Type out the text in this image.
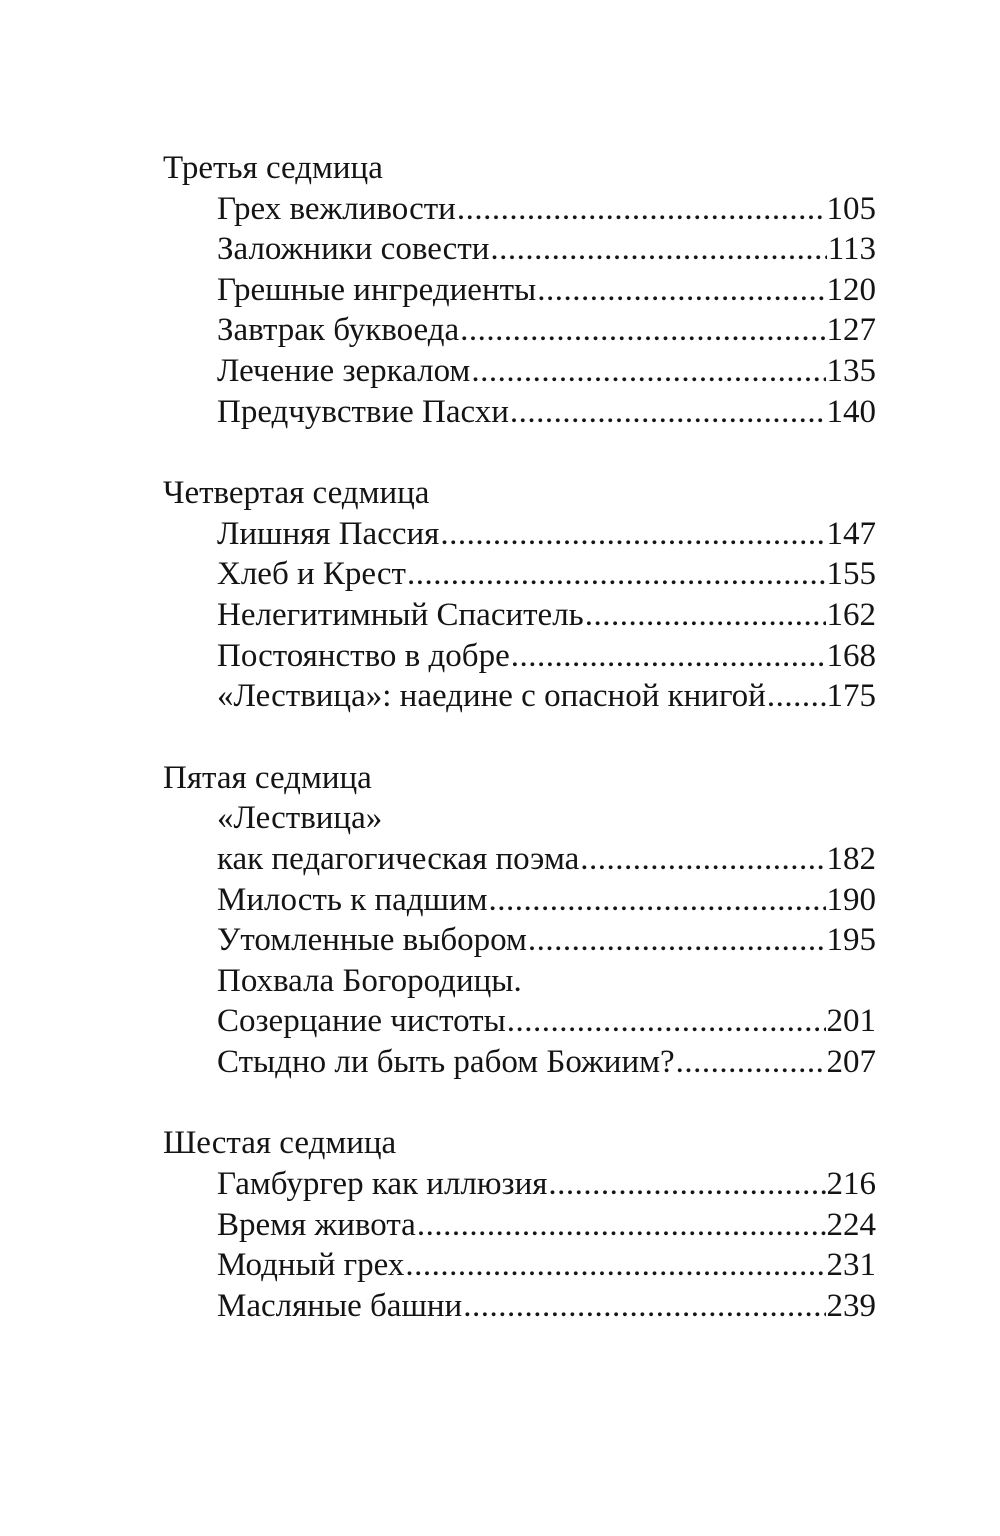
Третья седмица
Грех вежливости .....	105
Заложники совести .....	113
Грешные ингредиенты .....	120
Завтрак буквоеда .....	127
Лечение зеркалом .....	135
Предчувствие Пасхи .....	140
Четвертая седмица
Лишняя Пассия .....	147
Хлеб и Крест .....	155
Нелегитимный Спаситель .....	162
Постоянство в добре .....	168
«Лествица»: наедине с опасной книгой ..... 175
Пятая седмица
«Лествица»
как педагогическая поэма .....	182
Милость к падшим .....	190
Утомленные выбором .....	195
Похвала Богородицы.
Созерцание чистоты .....	201
Стыдно ли быть рабом Божиим? .....	207
Шестая седмица
Гамбургер как иллюзия .....	216
Время живота .....	224
Модный грех .....	231
Масляные башни .....	239
